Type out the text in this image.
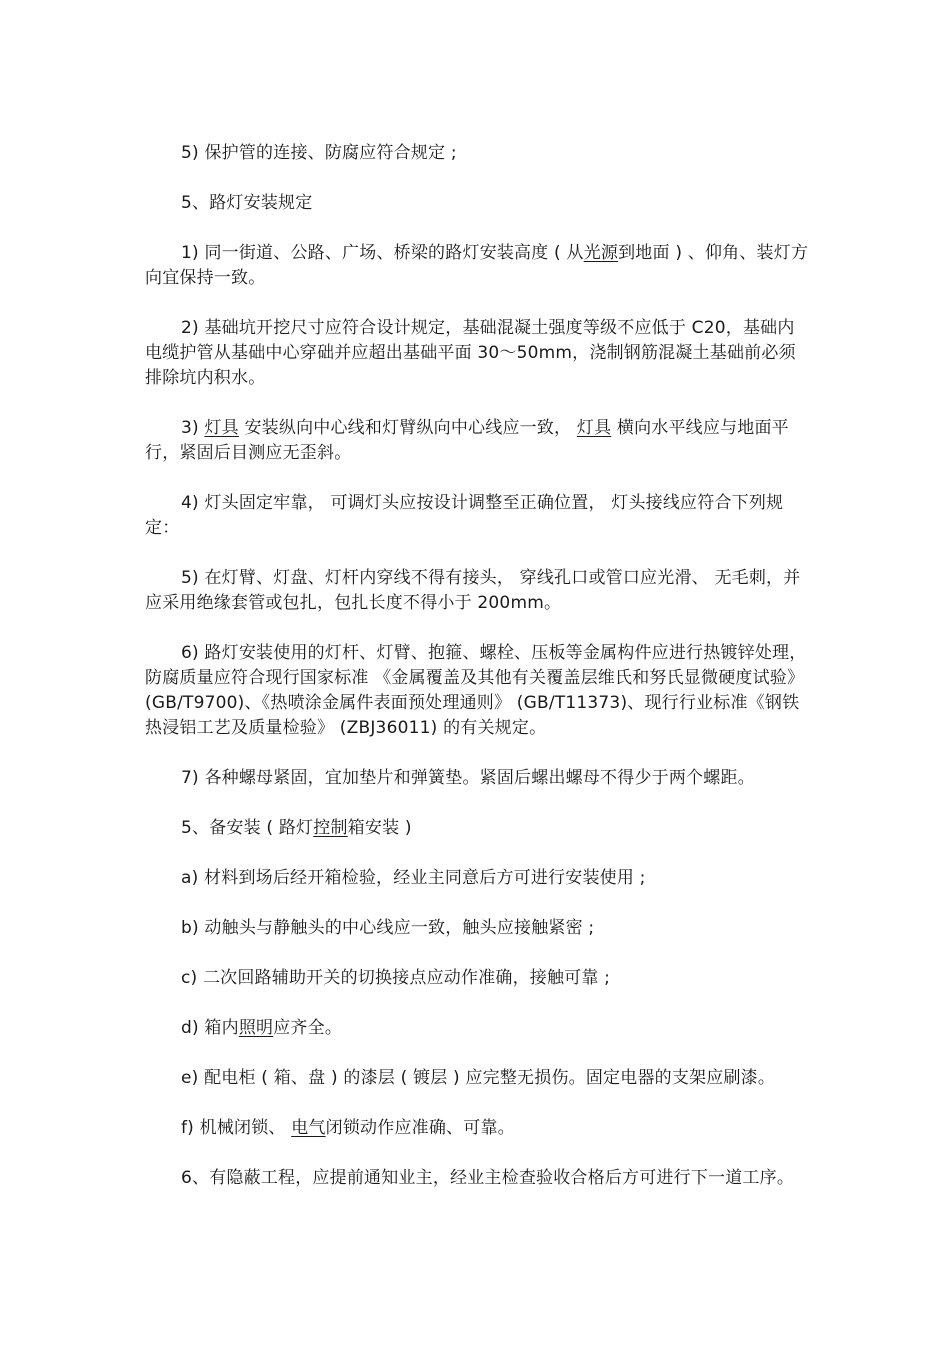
5) 保护管的连接、防腐应符合规定 ;
5、路灯安装规定
1) 同一街道、公路、广场、桥梁的路灯安装高度 ( 从光源到地面 ) 、仰角、装灯方向宜保持一致。
2) 基础坑开挖尺寸应符合设计规定，基础混凝土强度等级不应低于 C20，基础内电缆护管从基础中心穿础并应超出基础平面 30～50mm，浇制钢筋混凝土基础前必须排除坑内积水。
3) 灯具 安装纵向中心线和灯臂纵向中心线应一致， 灯具 横向水平线应与地面平行，紧固后目测应无歪斜。
4) 灯头固定牢靠， 可调灯头应按设计调整至正确位置， 灯头接线应符合下列规定：
5) 在灯臂、灯盘、灯杆内穿线不得有接头， 穿线孔口或管口应光滑、 无毛刺，并应采用绝缘套管或包扎，包扎长度不得小于 200mm。
6) 路灯安装使用的灯杆、灯臂、抱箍、螺栓、压板等金属构件应进行热镀锌处理，防腐质量应符合现行国家标准 《金属覆盖及其他有关覆盖层维氏和努氏显微硬度试验》 (GB/T9700)、《热喷涂金属件表面预处理通则》 (GB/T11373)、现行行业标准《钢铁热浸铝工艺及质量检验》 (ZBJ36011) 的有关规定。
7) 各种螺母紧固，宜加垫片和弹簧垫。紧固后螺出螺母不得少于两个螺距。
5、备安装 ( 路灯控制箱安装 )
a) 材料到场后经开箱检验，经业主同意后方可进行安装使用 ;
b) 动触头与静触头的中心线应一致，触头应接触紧密 ;
c) 二次回路辅助开关的切换接点应动作准确，接触可靠 ;
d) 箱内照明应齐全。
e) 配电柜 ( 箱、盘 ) 的漆层 ( 镀层 ) 应完整无损伤。固定电器的支架应刷漆。
f) 机械闭锁、 电气闭锁动作应准确、可靠。
6、有隐蔽工程，应提前通知业主，经业主检查验收合格后方可进行下一道工序。
